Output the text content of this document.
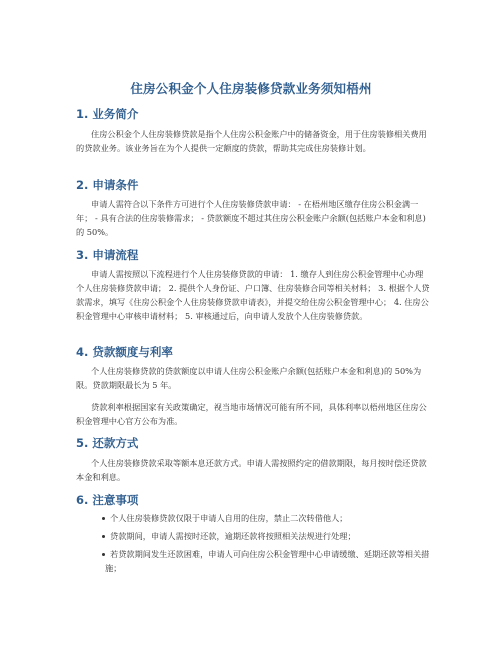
住房公积金个人住房装修贷款业务须知梧州
1. 业务简介

住房公积金个人住房装修贷款是指个人住房公积金账户中的储备资金，用于住房装修相关费用的贷款业务。该业务旨在为个人提供一定额度的贷款，帮助其完成住房装修计划。

2. 申请条件

申请人需符合以下条件方可进行个人住房装修贷款申请： - 在梧州地区缴存住房公积金满一年； - 具有合法的住房装修需求； - 贷款额度不超过其住房公积金账户余额(包括账户本金和利息)的 50%。

3. 申请流程

申请人需按照以下流程进行个人住房装修贷款的申请： 1. 缴存人到住房公积金管理中心办理个人住房装修贷款申请； 2. 提供个人身份证、户口簿、住房装修合同等相关材料； 3. 根据个人贷款需求，填写《住房公积金个人住房装修贷款申请表》，并提交给住房公积金管理中心； 4. 住房公积金管理中心审核申请材料； 5. 审核通过后，向申请人发放个人住房装修贷款。

4. 贷款额度与利率

个人住房装修贷款的贷款额度以申请人住房公积金账户余额(包括账户本金和利息)的 50%为限。贷款期限最长为 5 年。

贷款利率根据国家有关政策确定，视当地市场情况可能有所不同，具体利率以梧州地区住房公积金管理中心官方公布为准。

5. 还款方式

个人住房装修贷款采取等额本息还款方式。申请人需按照约定的借款期限，每月按时偿还贷款本金和利息。

6. 注意事项
个人住房装修贷款仅限于申请人自用的住房，禁止二次转借他人；
贷款期间，申请人需按时还款，逾期还款将按照相关法规进行处理；
若贷款期间发生还款困难，申请人可向住房公积金管理中心申请缓缴、延期还款等相关措施；
